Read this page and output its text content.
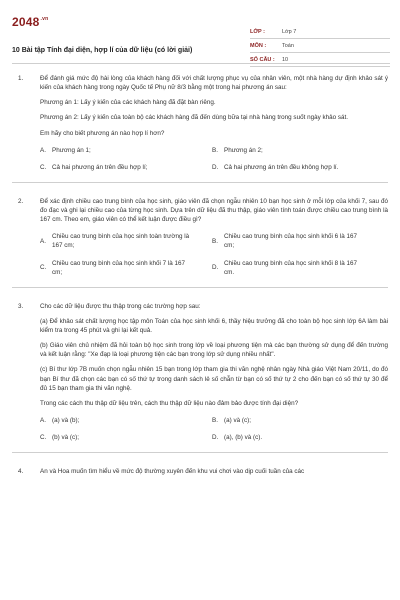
$2048^{.vn}$
10 Bài tập Tính đại diện, hợp lí của dữ liệu (có lời giải)
LỚP :	Lớp 7
MÔN :	Toán
SỐ CÂU :	10
1.	Để đánh giá mức độ hài lòng của khách hàng đối với chất lượng phục vụ của nhân viên, một nhà hàng dự định khảo sát ý kiến của khách hàng trong ngày Quốc tế Phụ nữ 8/3 bằng một trong hai phương án sau:

Phương án 1: Lấy ý kiến của các khách hàng đã đặt bàn riêng.

Phương án 2: Lấy ý kiến của toàn bộ các khách hàng đã đến dùng bữa tại nhà hàng trong suốt ngày khảo sát.

Em hãy cho biết phương án nào hợp lí hơn?

A. Phương án 1;	B. Phương án 2;
C. Cả hai phương án trên đều hợp lí;	D. Cả hai phương án trên đều không hợp lí.
2.	Để xác định chiều cao trung bình của học sinh, giáo viên đã chọn ngẫu nhiên 10 bạn học sinh ở mỗi lớp của khối 7, sau đó đo đạc và ghi lại chiều cao của từng học sinh. Dựa trên dữ liệu đã thu thập, giáo viên tính toán được chiều cao trung bình là 167 cm. Theo em, giáo viên có thể kết luận được điều gì?

A.
Chiều cao trung bình của học sinh toàn trường là 167 cm;
B.
Chiều cao trung bình của học sinh khối 6 là 167 cm;
C.
Chiều cao trung bình của học sinh khối 7 là 167 cm;
D.
Chiều cao trung bình của học sinh khối 8 là 167 cm.
3.	Cho các dữ liệu được thu thập trong các trường hợp sau:

(a) Để khảo sát chất lượng học tập môn Toán của học sinh khối 6, thầy hiệu trưởng đã cho toàn bộ học sinh lớp 6A làm bài kiểm tra trong 45 phút và ghi lại kết quả.

(b) Giáo viên chủ nhiệm đã hỏi toàn bộ học sinh trong lớp về loại phương tiện mà các bạn thường sử dụng để đến trường và kết luận rằng: "Xe đạp là loại phương tiện các bạn trong lớp sử dụng nhiều nhất".

(c) Bí thư lớp 7B muốn chọn ngẫu nhiên 15 bạn trong lớp tham gia thi văn nghệ nhân ngày Nhà giáo Việt Nam 20/11, do đó bạn Bí thư đã chọn các bạn có số thứ tự trong danh sách lẻ số chẵn từ bạn có số thứ tự 2 cho đến bạn có số thứ tự 30 để đủ 15 bạn tham gia thi văn nghệ.

Trong các cách thu thập dữ liệu trên, cách thu thập dữ liệu nào đảm bảo được tính đại diện?

A. (a) và (b);	B. (a) và (c);
C. (b) và (c);	D. (a), (b) và (c).
4.	An và Hoa muốn tìm hiểu về mức độ thường xuyên đến khu vui chơi vào dịp cuối tuần của các
